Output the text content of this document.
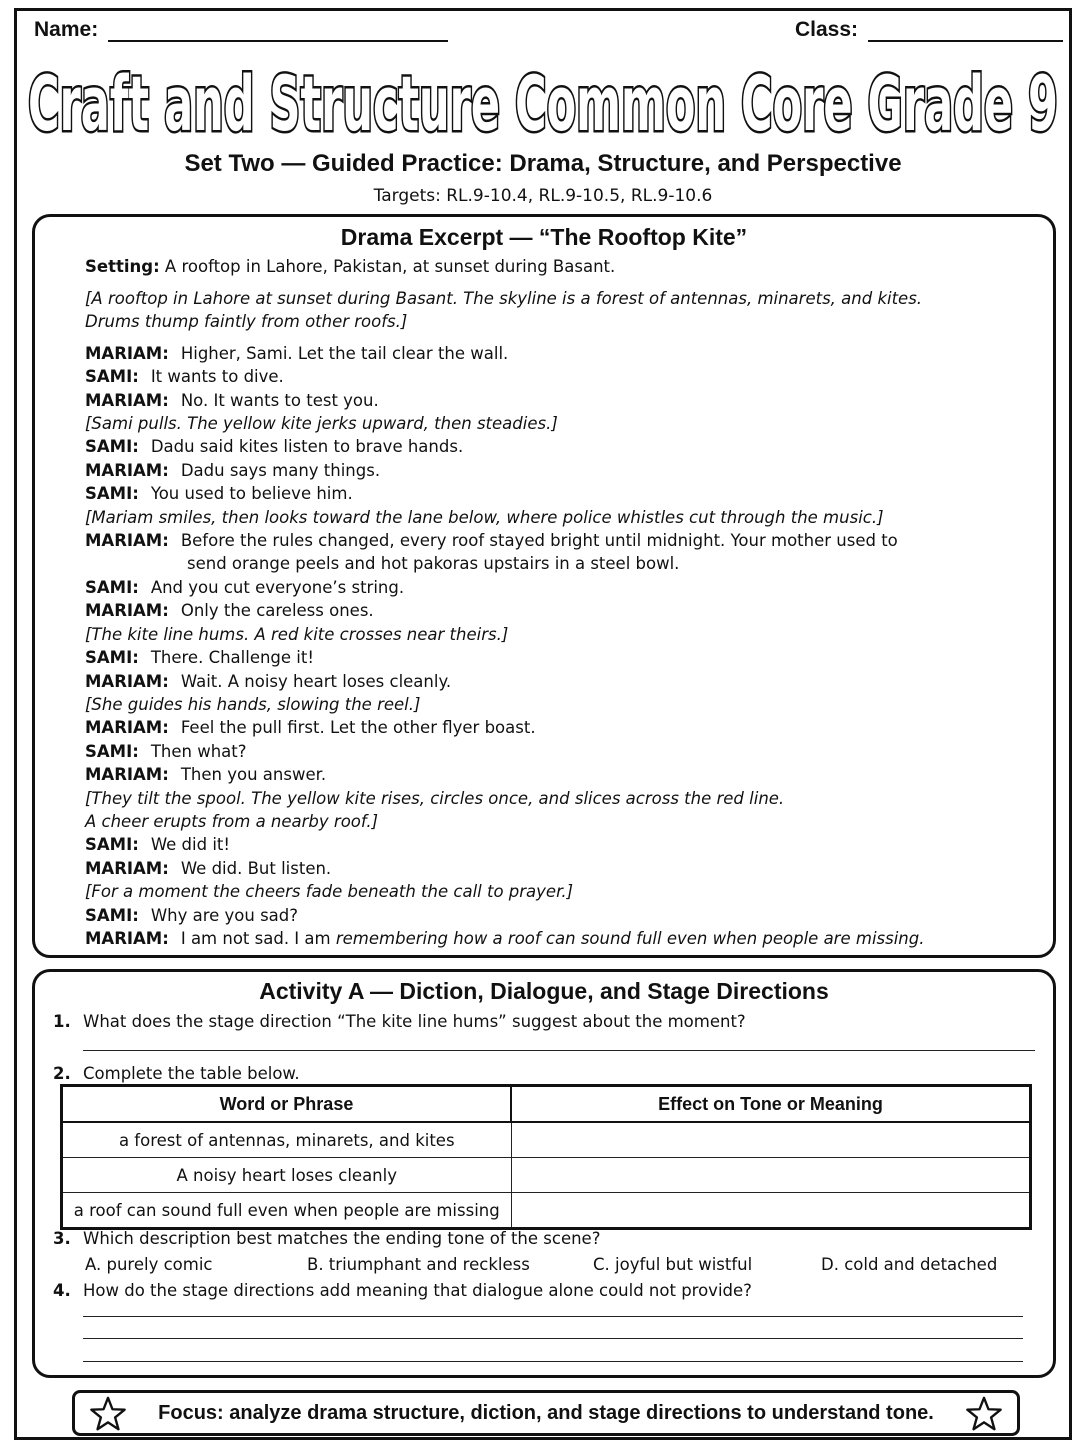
Name:	Class:
Craft and Structure Common Core Grade 9
Set Two — Guided Practice: Drama, Structure, and Perspective
Targets: RL.9-10.4, RL.9-10.5, RL.9-10.6
Drama Excerpt — “The Rooftop Kite”
Setting: A rooftop in Lahore, Pakistan, at sunset during Basant.
[A rooftop in Lahore at sunset during Basant. The skyline is a forest of antennas, minarets, and kites.
Drums thump faintly from other roofs.]
MARIAM: Higher, Sami. Let the tail clear the wall.
SAMI: It wants to dive.
MARIAM: No. It wants to test you.
[Sami pulls. The yellow kite jerks upward, then steadies.]
SAMI: Dadu said kites listen to brave hands.
MARIAM: Dadu says many things.
SAMI: You used to believe him.
[Mariam smiles, then looks toward the lane below, where police whistles cut through the music.]
MARIAM: Before the rules changed, every roof stayed bright until midnight. Your mother used to
send orange peels and hot pakoras upstairs in a steel bowl.
SAMI: And you cut everyone’s string.
MARIAM: Only the careless ones.
[The kite line hums. A red kite crosses near theirs.]
SAMI: There. Challenge it!
MARIAM: Wait. A noisy heart loses cleanly.
[She guides his hands, slowing the reel.]
MARIAM: Feel the pull first. Let the other flyer boast.
SAMI: Then what?
MARIAM: Then you answer.
[They tilt the spool. The yellow kite rises, circles once, and slices across the red line.
A cheer erupts from a nearby roof.]
SAMI: We did it!
MARIAM: We did. But listen.
[For a moment the cheers fade beneath the call to prayer.]
SAMI: Why are you sad?
MARIAM: I am not sad. I am remembering how a roof can sound full even when people are missing.
Activity A — Diction, Dialogue, and Stage Directions
1. What does the stage direction “The kite line hums” suggest about the moment?
2. Complete the table below.
Word or Phrase	Effect on Tone or Meaning
a forest of antennas, minarets, and kites	
A noisy heart loses cleanly	
a roof can sound full even when people are missing	
3. Which description best matches the ending tone of the scene?
A. purely comic	B. triumphant and reckless	C. joyful but wistful	D. cold and detached
4. How do the stage directions add meaning that dialogue alone could not provide?
Focus: analyze drama structure, diction, and stage directions to understand tone.
